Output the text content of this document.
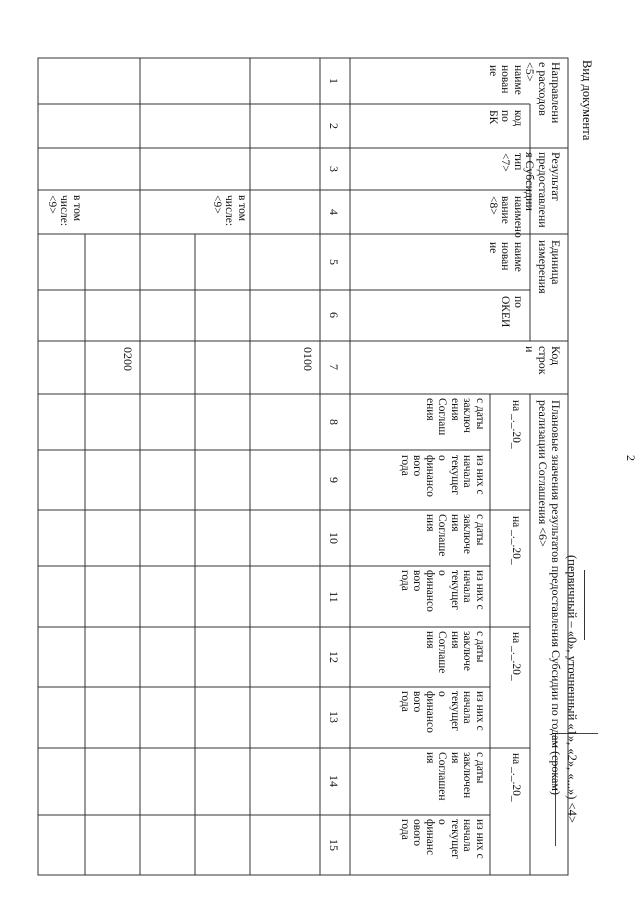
2
Вид документа
(первичный – «0», уточненный «1», «2», «...») <4>
Направлени
е расходов
<5>
наиме
нован
ие
код
по
БК
Результат
предоставлени
я Субсидии
тип
<7>
наимено
вание
<8>
Единица
измерения
наиме
нован
ие
по
ОКЕИ
Код
строк
и
Плановые значения результатов предоставления Субсидии по годам (срокам)
реализации Соглашения <6>
на _._.20_
на _._.20_
на _._.20_
на _._.20_
с даты
заключ
ения
Соглаш
ения
из них с
начала
текущег
о
финансо
вого
года
с даты
заключе
ния
Соглаше
ния
из них с
начала
текущег
о
финансо
вого
года
с даты
заключе
ния
Соглаше
ния
из них с
начала
текущег
о
финансо
вого
года
с даты
заключен
ия
Соглашен
ия
из них с
начала
текущег
о
финанс
ового
года
1
2
3
4
5
6
7
8
9
10
11
12
13
14
15
0100
в том
числе:
<9>
0200
в том
числе:
<9>
